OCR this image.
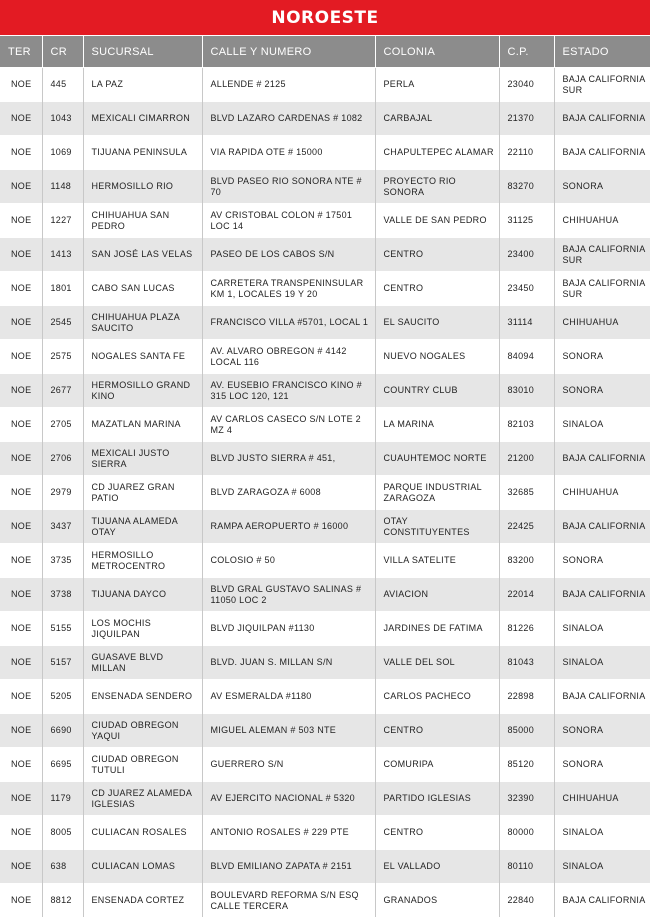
NOROESTE
TER	CR	SUCURSAL	CALLE Y NUMERO	COLONIA	C.P.	ESTADO
NOE	445	LA PAZ	ALLENDE # 2125	PERLA	23040	BAJA CALIFORNIA SUR
NOE	1043	MEXICALI CIMARRON	BLVD LAZARO CARDENAS # 1082	CARBAJAL	21370	BAJA CALIFORNIA
NOE	1069	TIJUANA PENINSULA	VIA RAPIDA OTE # 15000	CHAPULTEPEC ALAMAR	22110	BAJA CALIFORNIA
NOE	1148	HERMOSILLO RIO	BLVD PASEO RIO SONORA NTE # 70	PROYECTO RIO SONORA	83270	SONORA
NOE	1227	CHIHUAHUA SAN PEDRO	AV CRISTOBAL COLON # 17501 LOC 14	VALLE DE SAN PEDRO	31125	CHIHUAHUA
NOE	1413	SAN JOSÉ LAS VELAS	PASEO DE LOS CABOS S/N	CENTRO	23400	BAJA CALIFORNIA SUR
NOE	1801	CABO SAN LUCAS	CARRETERA TRANSPENINSULAR KM 1, LOCALES 19 Y 20	CENTRO	23450	BAJA CALIFORNIA SUR
NOE	2545	CHIHUAHUA PLAZA SAUCITO	FRANCISCO VILLA #5701, LOCAL 1	EL SAUCITO	31114	CHIHUAHUA
NOE	2575	NOGALES SANTA FE	AV. ALVARO OBREGON # 4142 LOCAL 116	NUEVO NOGALES	84094	SONORA
NOE	2677	HERMOSILLO GRAND KINO	AV. EUSEBIO FRANCISCO KINO # 315 LOC 120, 121	COUNTRY CLUB	83010	SONORA
NOE	2705	MAZATLAN MARINA	AV CARLOS CASECO S/N LOTE 2 MZ 4	LA MARINA	82103	SINALOA
NOE	2706	MEXICALI JUSTO SIERRA	BLVD JUSTO SIERRA # 451,	CUAUHTEMOC NORTE	21200	BAJA CALIFORNIA
NOE	2979	CD JUAREZ GRAN PATIO	BLVD ZARAGOZA # 6008	PARQUE INDUSTRIAL ZARAGOZA	32685	CHIHUAHUA
NOE	3437	TIJUANA ALAMEDA OTAY	RAMPA AEROPUERTO # 16000	OTAY CONSTITUYENTES	22425	BAJA CALIFORNIA
NOE	3735	HERMOSILLO METROCENTRO	COLOSIO # 50	VILLA SATELITE	83200	SONORA
NOE	3738	TIJUANA DAYCO	BLVD GRAL GUSTAVO SALINAS # 11050 LOC 2	AVIACION	22014	BAJA CALIFORNIA
NOE	5155	LOS MOCHIS JIQUILPAN	BLVD JIQUILPAN #1130	JARDINES DE FATIMA	81226	SINALOA
NOE	5157	GUASAVE BLVD MILLAN	BLVD. JUAN S. MILLAN S/N	VALLE DEL SOL	81043	SINALOA
NOE	5205	ENSENADA SENDERO	AV ESMERALDA #1180	CARLOS PACHECO	22898	BAJA CALIFORNIA
NOE	6690	CIUDAD OBREGON YAQUI	MIGUEL ALEMAN # 503 NTE	CENTRO	85000	SONORA
NOE	6695	CIUDAD OBREGON TUTULI	GUERRERO S/N	COMURIPA	85120	SONORA
NOE	1179	CD JUAREZ ALAMEDA IGLESIAS	AV EJERCITO NACIONAL # 5320	PARTIDO IGLESIAS	32390	CHIHUAHUA
NOE	8005	CULIACAN ROSALES	ANTONIO ROSALES # 229 PTE	CENTRO	80000	SINALOA
NOE	638	CULIACAN LOMAS	BLVD EMILIANO ZAPATA # 2151	EL VALLADO	80110	SINALOA
NOE	8812	ENSENADA CORTEZ	BOULEVARD REFORMA S/N ESQ CALLE TERCERA	GRANADOS	22840	BAJA CALIFORNIA
